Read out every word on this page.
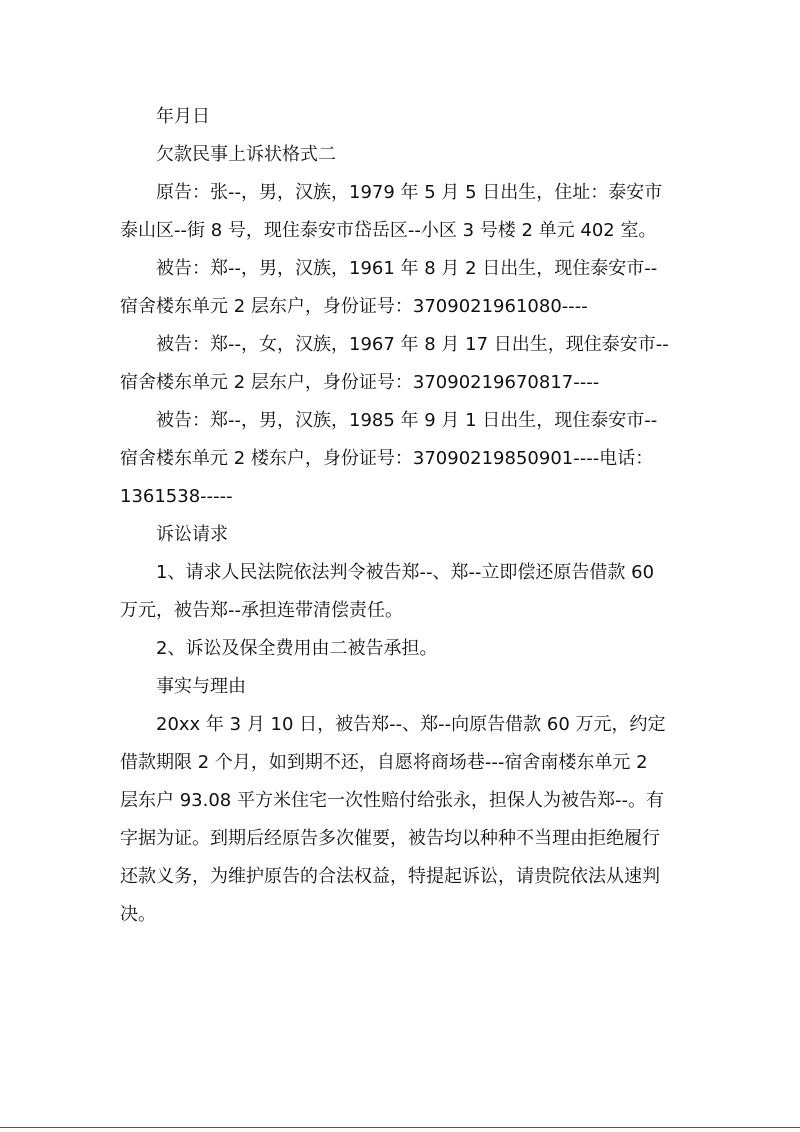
年月日

欠款民事上诉状格式二

原告：张--，男，汉族，1979 年 5 月 5 日出生，住址：泰安市

泰山区--街 8 号，现住泰安市岱岳区--小区 3 号楼 2 单元 402 室。

被告：郑--，男，汉族，1961 年 8 月 2 日出生，现住泰安市--

宿舍楼东单元 2 层东户，身份证号：3709021961080----

被告：郑--，女，汉族，1967 年 8 月 17 日出生，现住泰安市--

宿舍楼东单元 2 层东户，身份证号：37090219670817----

被告：郑--，男，汉族，1985 年 9 月 1 日出生，现住泰安市--

宿舍楼东单元 2 楼东户，身份证号：37090219850901----电话：

1361538-----

诉讼请求

1、请求人民法院依法判令被告郑--、郑--立即偿还原告借款 60

万元，被告郑--承担连带清偿责任。

2、诉讼及保全费用由二被告承担。

事实与理由

20xx 年 3 月 10 日，被告郑--、郑--向原告借款 60 万元，约定

借款期限 2 个月，如到期不还，自愿将商场巷---宿舍南楼东单元 2

层东户 93.08 平方米住宅一次性赔付给张永，担保人为被告郑--。有

字据为证。到期后经原告多次催要，被告均以种种不当理由拒绝履行

还款义务，为维护原告的合法权益，特提起诉讼，请贵院依法从速判

决。
